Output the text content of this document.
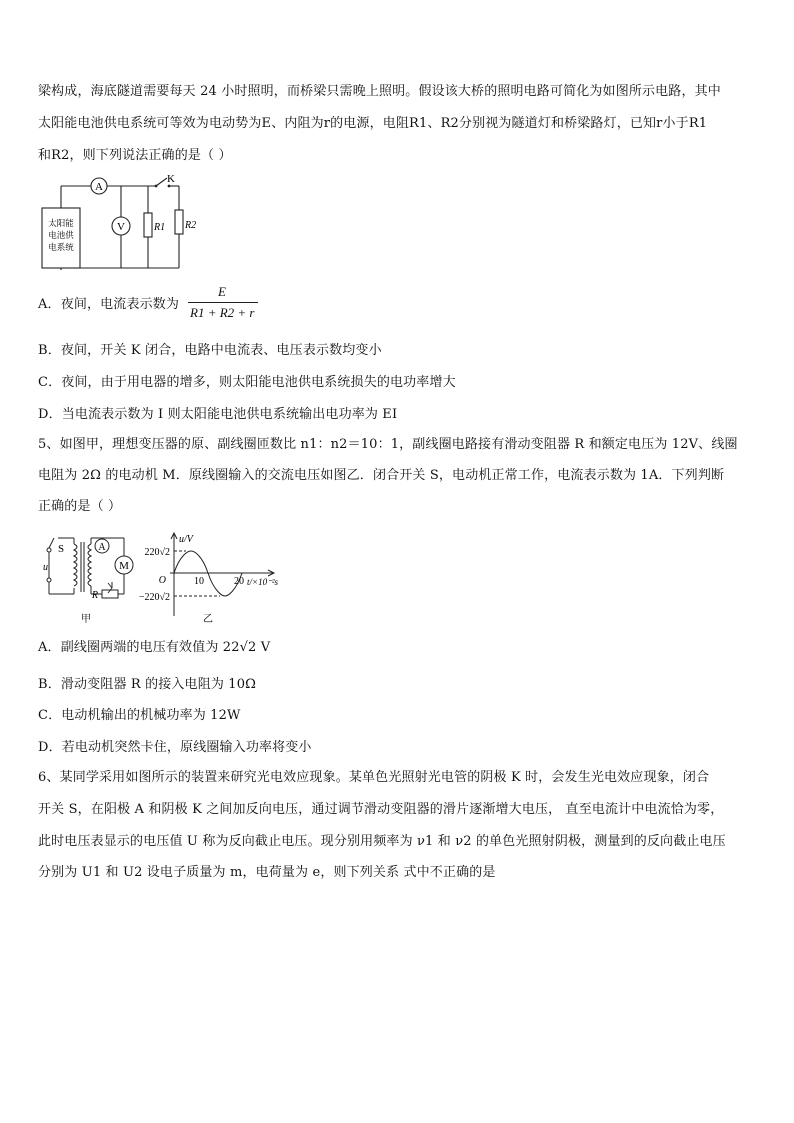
梁构成，海底隧道需要每天 24 小时照明，而桥梁只需晚上照明。假设该大桥的照明电路可简化为如图所示电路，其中
太阳能电池供电系统可等效为电动势为E、内阻为r的电源，电阻R1、R2分别视为隧道灯和桥梁路灯，已知r小于R1
和R2，则下列说法正确的是（ ）
A
V
K
R1 R2
太阳能
电池供
电系统
A．夜间，电流表示数为
E
R1 + R2 + r
B．夜间，开关 K 闭合，电路中电流表、电压表示数均变小
C．夜间，由于用电器的增多，则太阳能电池供电系统损失的电功率增大
D．当电流表示数为 I 则太阳能电池供电系统输出电功率为 EI
5、如图甲，理想变压器的原、副线圈匝数比 n1：n2＝10：1，副线圈电路接有滑动变阻器 R 和额定电压为 12V、线圈
电阻为 2Ω 的电动机 M．原线圈输入的交流电压如图乙．闭合开关 S，电动机正常工作，电流表示数为 1A．下列判断
正确的是（ ）
S
u
A
M
R
甲
u/V
220√2
−220√2
O	10	20 t/×10⁻²s
乙
A．副线圈两端的电压有效值为 22√2 V
B．滑动变阻器 R 的接入电阻为 10Ω
C．电动机输出的机械功率为 12W
D．若电动机突然卡住，原线圈输入功率将变小
6、某同学采用如图所示的装置来研究光电效应现象。某单色光照射光电管的阴极 K 时，会发生光电效应现象，闭合
开关 S，在阳极 A 和阴极 K 之间加反向电压，通过调节滑动变阻器的滑片逐渐增大电压， 直至电流计中电流恰为零，
此时电压表显示的电压值 U 称为反向截止电压。现分别用频率为 ν1 和 ν2 的单色光照射阴极，测量到的反向截止电压
分别为 U1 和 U2 设电子质量为 m，电荷量为 e，则下列关系 式中不正确的是
